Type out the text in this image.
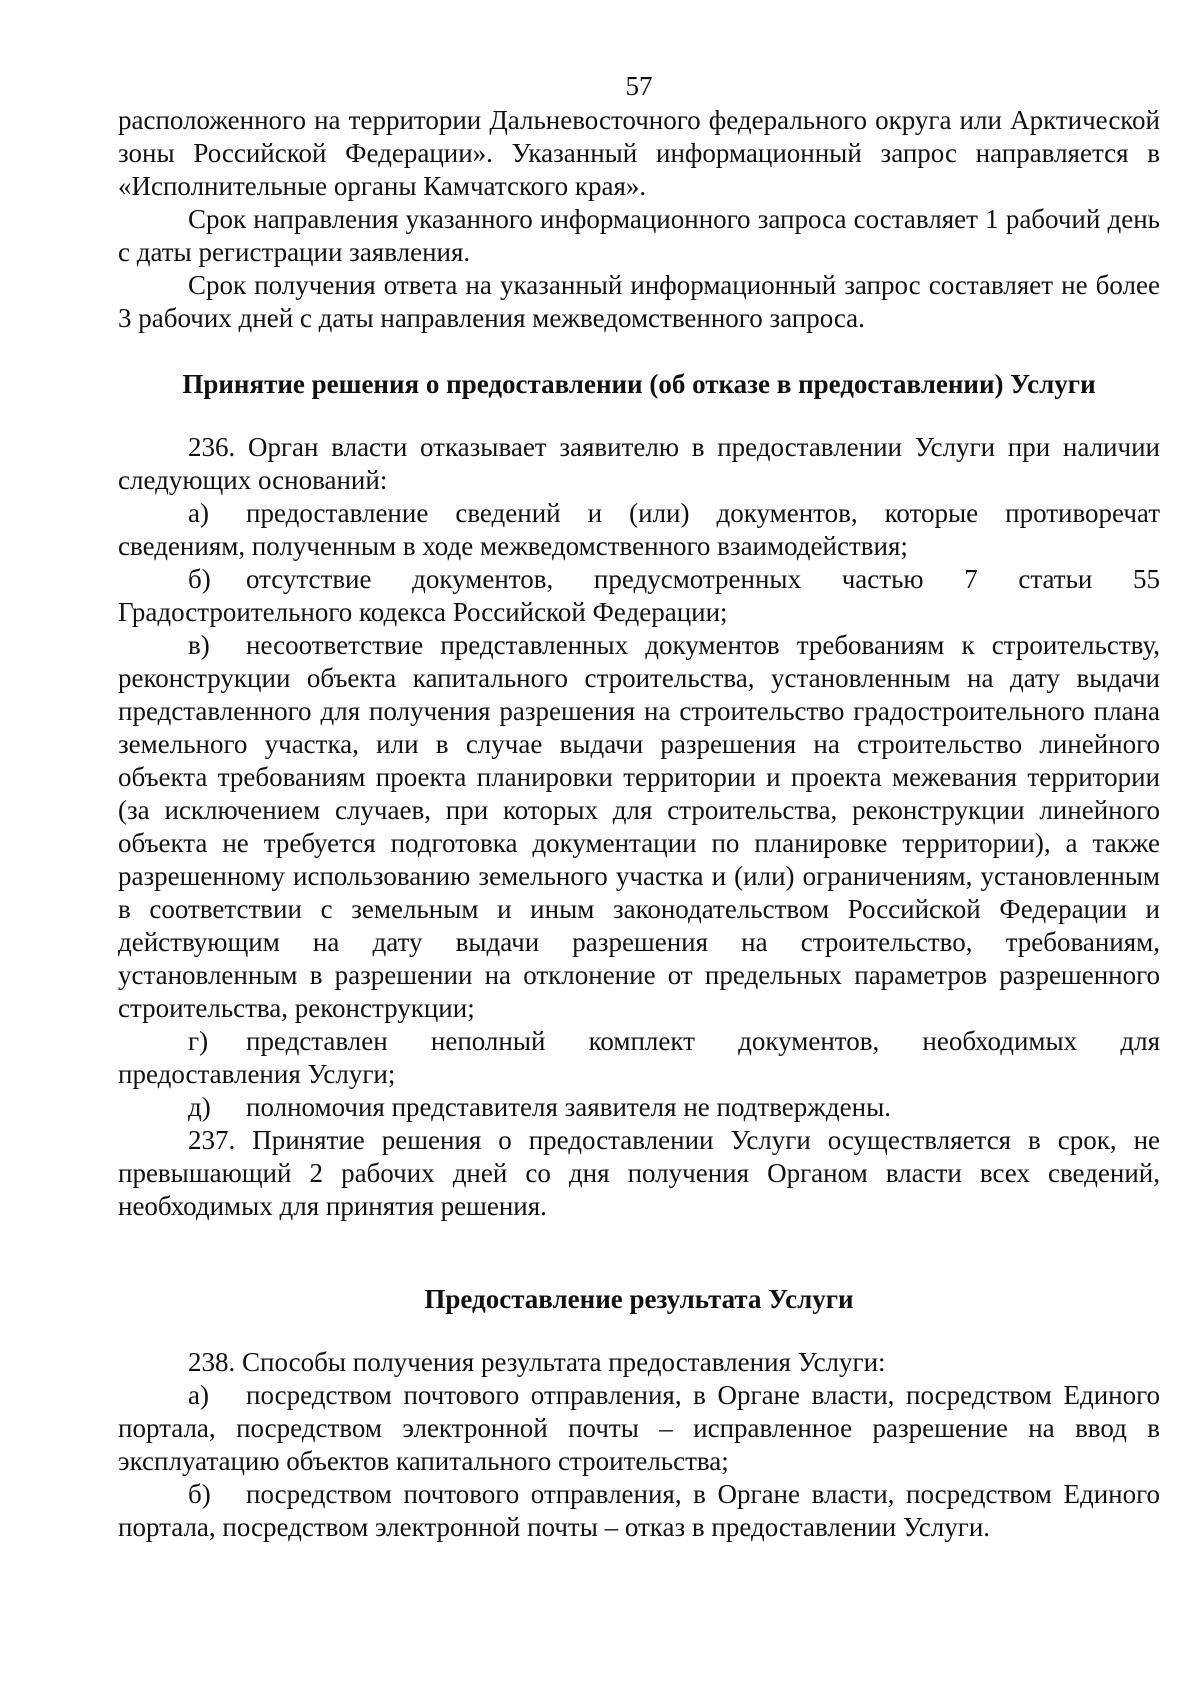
57

расположенного на территории Дальневосточного федерального округа или Арктической зоны Российской Федерации». Указанный информационный запрос направляется в «Исполнительные органы Камчатского края».

Срок направления указанного информационного запроса составляет 1 рабочий день с даты регистрации заявления.

Срок получения ответа на указанный информационный запрос составляет не более 3 рабочих дней с даты направления межведомственного запроса.

Принятие решения о предоставлении (об отказе в предоставлении) Услуги

236. Орган власти отказывает заявителю в предоставлении Услуги при наличии следующих оснований:

а) предоставление сведений и (или) документов, которые противоречат сведениям, полученным в ходе межведомственного взаимодействия;

б) отсутствие документов, предусмотренных частью 7 статьи 55 Градостроительного кодекса Российской Федерации;

в) несоответствие представленных документов требованиям к строительству, реконструкции объекта капитального строительства, установленным на дату выдачи представленного для получения разрешения на строительство градостроительного плана земельного участка, или в случае выдачи разрешения на строительство линейного объекта требованиям проекта планировки территории и проекта межевания территории (за исключением случаев, при которых для строительства, реконструкции линейного объекта не требуется подготовка документации по планировке территории), а также разрешенному использованию земельного участка и (или) ограничениям, установленным в соответствии с земельным и иным законодательством Российской Федерации и действующим на дату выдачи разрешения на строительство, требованиям, установленным в разрешении на отклонение от предельных параметров разрешенного строительства, реконструкции;

г) представлен неполный комплект документов, необходимых для предоставления Услуги;

д) полномочия представителя заявителя не подтверждены.

237. Принятие решения о предоставлении Услуги осуществляется в срок, не превышающий 2 рабочих дней со дня получения Органом власти всех сведений, необходимых для принятия решения.

Предоставление результата Услуги

238. Способы получения результата предоставления Услуги:

а) посредством почтового отправления, в Органе власти, посредством Единого портала, посредством электронной почты – исправленное разрешение на ввод в эксплуатацию объектов капитального строительства;

б) посредством почтового отправления, в Органе власти, посредством Единого портала, посредством электронной почты – отказ в предоставлении Услуги.
